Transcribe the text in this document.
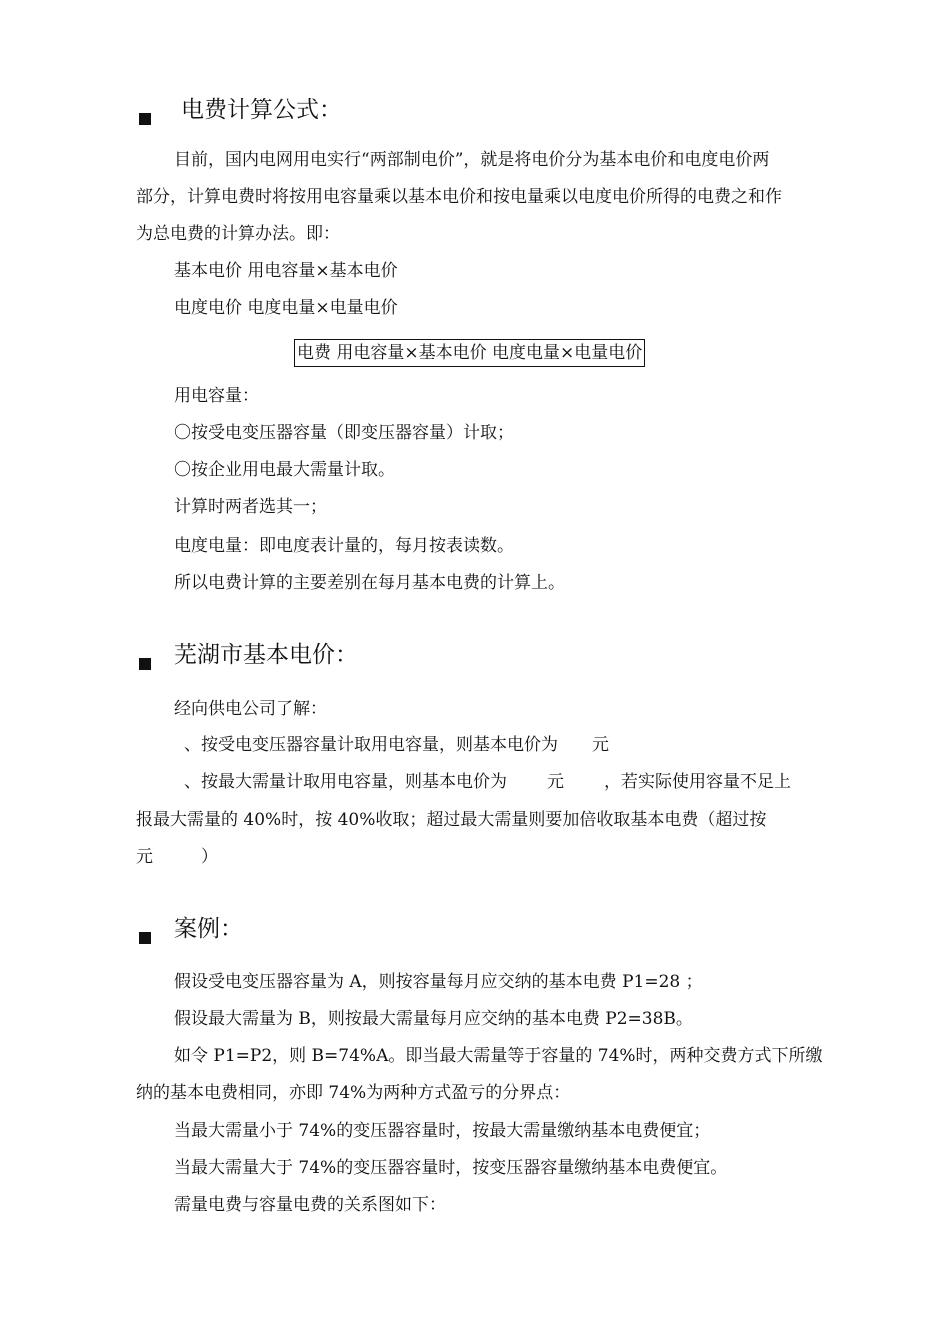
电费计算公式：
目前，国内电网用电实行“两部制电价”，就是将电价分为基本电价和电度电价两
部分，计算电费时将按用电容量乘以基本电价和按电量乘以电度电价所得的电费之和作
为总电费的计算办法。即：
基本电价 用电容量×基本电价
电度电价 电度电量×电量电价
电费 用电容量×基本电价 电度电量×电量电价
用电容量：
〇按受电变压器容量（即变压器容量）计取；
〇按企业用电最大需量计取。
计算时两者选其一；
电度电量：即电度表计量的，每月按表读数。
所以电费计算的主要差别在每月基本电费的计算上。
芜湖市基本电价：
经向供电公司了解：
、按受电变压器容量计取用电容量，则基本电价为 元
、按最大需量计取用电容量，则基本电价为 元 ，若实际使用容量不足上
报最大需量的 40%时，按 40%收取；超过最大需量则要加倍收取基本电费（超过按
元	）
案例：
假设受电变压器容量为 A，则按容量每月应交纳的基本电费 P1=28 ；
假设最大需量为 B，则按最大需量每月应交纳的基本电费 P2=38B。
如令 P1=P2，则 B=74%A。即当最大需量等于容量的 74%时，两种交费方式下所缴
纳的基本电费相同，亦即 74%为两种方式盈亏的分界点：
当最大需量小于 74%的变压器容量时，按最大需量缴纳基本电费便宜；
当最大需量大于 74%的变压器容量时，按变压器容量缴纳基本电费便宜。
需量电费与容量电费的关系图如下：
